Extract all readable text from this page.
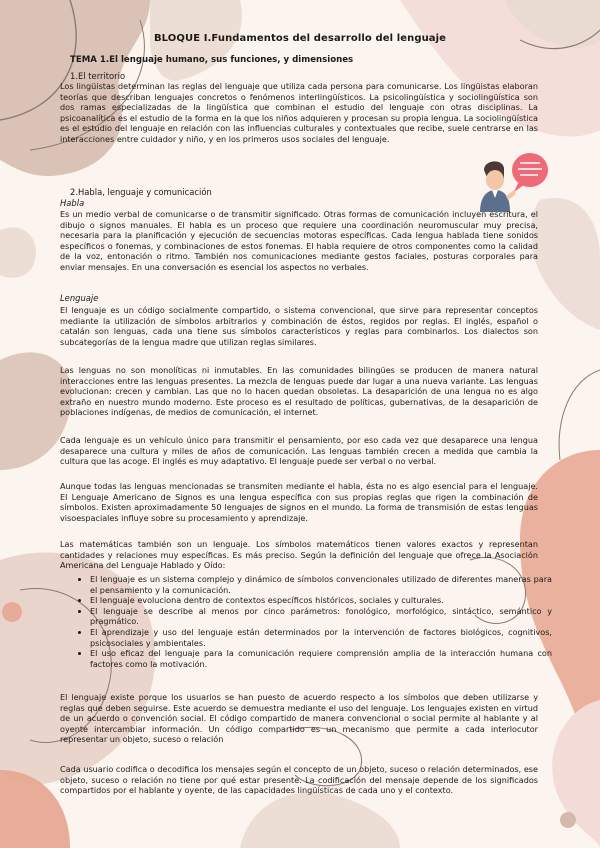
BLOQUE I.Fundamentos del desarrollo del lenguaje
TEMA 1.El lenguaje humano, sus funciones, y dimensiones
1.El territorio
Los lingüistas determinan las reglas del lenguaje que utiliza cada persona para comunicarse. Los lingüistas elaboran teorías que describan lenguajes concretos o fenómenos interlingüísticos. La psicolingüística y sociolingüística son dos ramas especializadas de la lingüística que combinan el estudio del lenguaje con otras disciplinas. La psicoanalítica es el estudio de la forma en la que los niños adquieren y procesan su propia lengua. La sociolingüística es el estudio del lenguaje en relación con las influencias culturales y contextuales que recibe, suele centrarse en las interacciones entre cuidador y niño, y en los primeros usos sociales del lenguaje.
2.Habla, lenguaje y comunicación
Habla
Es un medio verbal de comunicarse o de transmitir significado. Otras formas de comunicación incluyen escritura, el dibujo o signos manuales. El habla es un proceso que requiere una coordinación neuromuscular muy precisa, necesaria para la planificación y ejecución de secuencias motoras específicas. Cada lengua hablada tiene sonidos específicos o fonemas, y combinaciones de estos fonemas. El habla requiere de otros componentes como la calidad de la voz, entonación o ritmo. También nos comunicaciones mediante gestos faciales, posturas corporales para enviar mensajes. En una conversación es esencial los aspectos no verbales.
Lenguaje
El lenguaje es un código socialmente compartido, o sistema convencional, que sirve para representar conceptos mediante la utilización de símbolos arbitrarios y combinación de éstos, regidos por reglas. El inglés, español o catalán son lenguas, cada una tiene sus símbolos característicos y reglas para combinarlos. Los dialectos son subcategorías de la lengua madre que utilizan reglas similares.
Las lenguas no son monolíticas ni inmutables. En las comunidades bilingües se producen de manera natural interacciones entre las lenguas presentes. La mezcla de lenguas puede dar lugar a una nueva variante. Las lenguas evolucionan: crecen y cambian. Las que no lo hacen quedan obsoletas. La desaparición de una lengua no es algo extraño en nuestro mundo moderno. Este proceso es el resultado de políticas, gubernativas, de la desaparición de poblaciones indígenas, de medios de comunicación, el internet.
Cada lenguaje es un vehículo único para transmitir el pensamiento, por eso cada vez que desaparece una lengua desaparece una cultura y miles de años de comunicación. Las lenguas también crecen a medida que cambia la cultura que las acoge. El inglés es muy adaptativo. El lenguaje puede ser verbal o no verbal.
Aunque todas las lenguas mencionadas se transmiten mediante el habla, ésta no es algo esencial para el lenguaje. El Lenguaje Americano de Signos es una lengua específica con sus propias reglas que rigen la combinación de símbolos. Existen aproximadamente 50 lenguajes de signos en el mundo. La forma de transmisión de estas lenguas visoespaciales influye sobre su procesamiento y aprendizaje.
Las matemáticas también son un lenguaje. Los símbolos matemáticos tienen valores exactos y representan cantidades y relaciones muy específicas. Es más preciso. Según la definición del lenguaje que ofrece la Asociación Americana del Lenguaje Hablado y Oído:
• El lenguaje es un sistema complejo y dinámico de símbolos convencionales utilizado de diferentes maneras para el pensamiento y la comunicación.
• El lenguaje evoluciona dentro de contextos específicos históricos, sociales y culturales.
• El lenguaje se describe al menos por cinco parámetros: fonológico, morfológico, sintáctico, semántico y pragmático.
• El aprendizaje y uso del lenguaje están determinados por la intervención de factores biológicos, cognitivos, psicosociales y ambientales.
• El uso eficaz del lenguaje para la comunicación requiere comprensión amplia de la interacción humana con factores como la motivación.
El lenguaje existe porque los usuarios se han puesto de acuerdo respecto a los símbolos que deben utilizarse y reglas que deben seguirse. Este acuerdo se demuestra mediante el uso del lenguaje. Los lenguajes existen en virtud de un acuerdo o convención social. El código compartido de manera convencional o social permite al hablante y al oyente intercambiar información. Un código compartido es un mecanismo que permite a cada interlocutor representar un objeto, suceso o relación
Cada usuario codifica o decodifica los mensajes según el concepto de un objeto, suceso o relación determinados, ese objeto, suceso o relación no tiene por qué estar presente. La codificación del mensaje depende de los significados compartidos por el hablante y oyente, de las capacidades lingüísticas de cada uno y el contexto.
